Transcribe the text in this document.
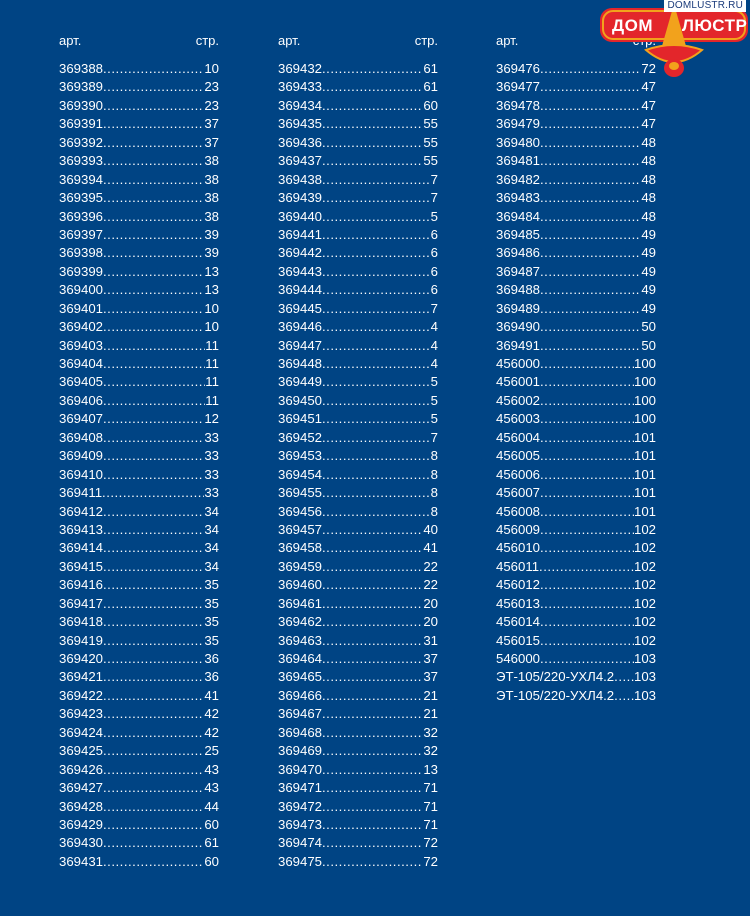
арт.	стр.
369388 .....	10
369389 .....	23
369390 .....	23
369391 .....	37
369392 .....	37
369393 .....	38
369394 .....	38
369395 .....	38
369396 .....	38
369397 .....	39
369398 .....	39
369399 .....	13
369400 .....	13
369401 .....	10
369402 .....	10
369403 .....	11
369404 .....	11
369405 .....	11
369406 .....	11
369407 .....	12
369408 .....	33
369409 .....	33
369410 .....	33
369411 .....	33
369412 .....	34
369413 .....	34
369414 .....	34
369415 .....	34
369416 .....	35
369417 .....	35
369418 .....	35
369419 .....	35
369420 .....	36
369421 .....	36
369422 .....	41
369423 .....	42
369424 .....	42
369425 .....	25
369426 .....	43
369427 .....	43
369428 .....	44
369429 .....	60
369430 .....	61
369431 .....	60
арт.	стр.
369432 .....	61
369433 .....	61
369434 .....	60
369435 .....	55
369436 .....	55
369437 .....	55
369438 .....	7
369439 .....	7
369440 .....	5
369441 .....	6
369442 .....	6
369443 .....	6
369444 .....	6
369445 .....	7
369446 .....	4
369447 .....	4
369448 .....	4
369449 .....	5
369450 .....	5
369451 .....	5
369452 .....	7
369453 .....	8
369454 .....	8
369455 .....	8
369456 .....	8
369457 .....	40
369458 .....	41
369459 .....	22
369460 .....	22
369461 .....	20
369462 .....	20
369463 .....	31
369464 .....	37
369465 .....	37
369466 .....	21
369467 .....	21
369468 .....	32
369469 .....	32
369470 .....	13
369471 .....	71
369472 .....	71
369473 .....	71
369474 .....	72
369475 .....	72
арт.
369476 .....	72
369477 .....	47
369478 .....	47
369479 .....	47
369480 .....	48
369481 .....	48
369482 .....	48
369483 .....	48
369484 .....	48
369485 .....	49
369486 .....	49
369487 .....	49
369488 .....	49
369489 .....	49
369490 .....	50
369491 .....	50
456000 .....	100
456001 .....	100
456002 .....	100
456003 .....	100
456004 .....	101
456005 .....	101
456006 .....	101
456007 .....	101
456008 .....	101
456009 .....	102
456010 .....	102
456011 .....	102
456012 .....	102
456013 .....	102
456014 .....	102
456015 .....	102
546000 .....	103
ЭТ-105/220-УХЛ4.2 ..... 103
ЭТ-105/220-УХЛ4.2 ..... 103
DOMLUSTR.RU
ДОМ ЛЮСТР
